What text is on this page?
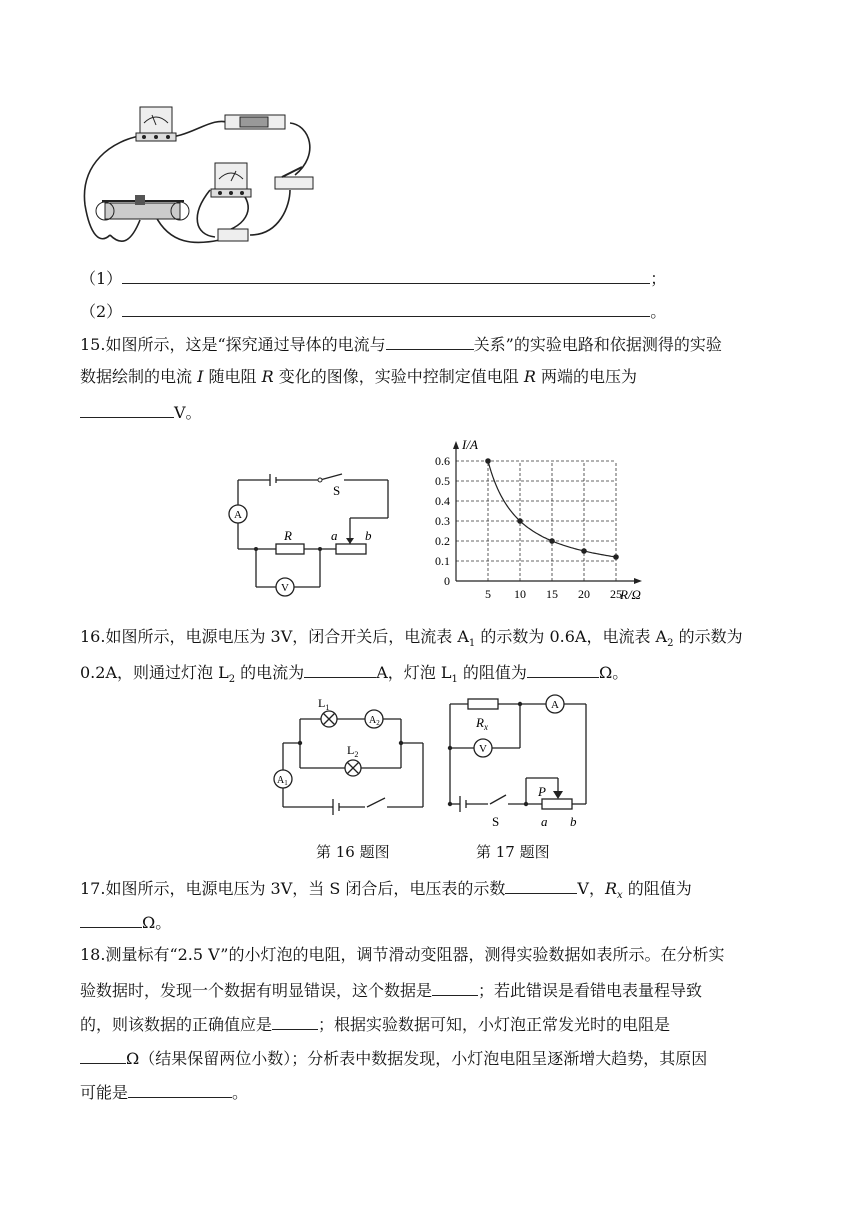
（1）	；
（2）	。
15.如图所示，这是“探究通过导体的电流与	关系”的实验电路和依据测得的实验
数据绘制的电流 I 随电阻 R 变化的图像，实验中控制定值电阻 R 两端的电压为
V。
A
S
R	a b
V	0
0.1
0.2
0.3
0.4
0.5
0.6
5 10 15 20 25
I/A
R/Ω
16.如图所示，电源电压为 3V，闭合开关后，电流表 $A_1$ 的示数为 0.6A，电流表 $A_2$ 的示数为
0.2A，则通过灯泡 $L_2$ 的电流为	A，灯泡 $L_1$ 的阻值为	Ω。
$L_1$
$L_2$
$A_2$
$A_1$
$R_x$
A
V
P
S	a b
第 16 题图	第 17 题图
17.如图所示，电源电压为 3V，当 S 闭合后，电压表的示数	V，$R_x$ 的阻值为
Ω。
18.测量标有“2.5 V”的小灯泡的电阻，调节滑动变阻器，测得实验数据如表所示。在分析实
验数据时，发现一个数据有明显错误，这个数据是	；若此错误是看错电表量程导致
的，则该数据的正确值应是	；根据实验数据可知，小灯泡正常发光时的电阻是
Ω（结果保留两位小数）；分析表中数据发现，小灯泡电阻呈逐渐增大趋势，其原因
可能是	。
